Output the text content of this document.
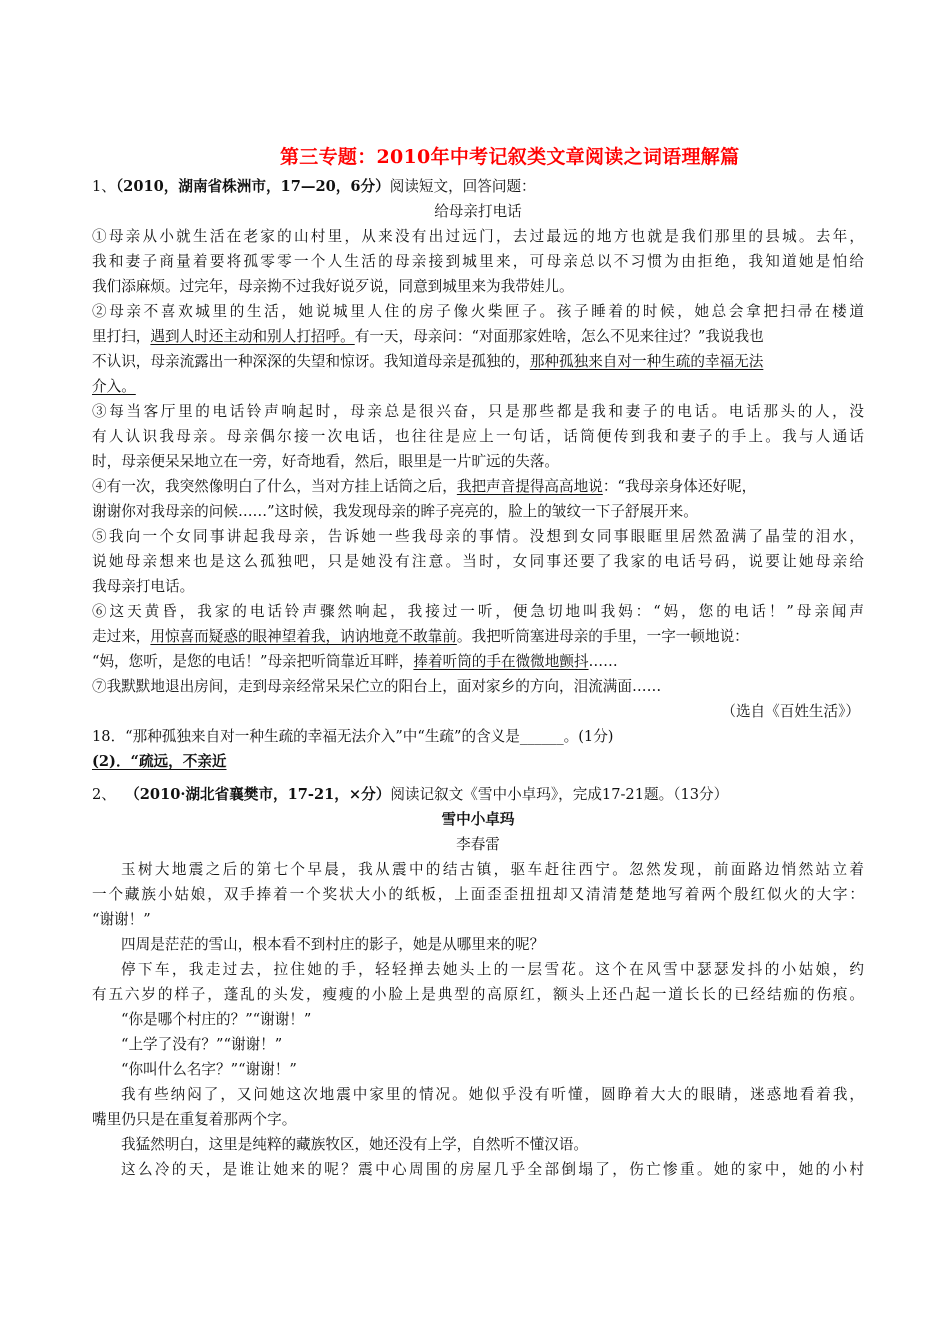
第三专题：2010年中考记叙类文章阅读之词语理解篇
1、（2010，湖南省株洲市，17—20，6分）阅读短文，回答问题：
给母亲打电话
①母亲从小就生活在老家的山村里，从来没有出过远门，去过最远的地方也就是我们那里的县城。去年，
我和妻子商量着要将孤零零一个人生活的母亲接到城里来，可母亲总以不习惯为由拒绝，我知道她是怕给
我们添麻烦。过完年，母亲拗不过我好说歹说，同意到城里来为我带娃儿。
②母亲不喜欢城里的生活，她说城里人住的房子像火柴匣子。孩子睡着的时候，她总会拿把扫帚在楼道
里打扫，遇到人时还主动和别人打招呼。有一天，母亲问：“对面那家姓啥，怎么不见来往过？”我说我也
不认识，母亲流露出一种深深的失望和惊讶。我知道母亲是孤独的，那种孤独来自对一种生疏的幸福无法
介入。
③每当客厅里的电话铃声响起时，母亲总是很兴奋，只是那些都是我和妻子的电话。电话那头的人，没
有人认识我母亲。母亲偶尔接一次电话，也往往是应上一句话，话筒便传到我和妻子的手上。我与人通话
时，母亲便呆呆地立在一旁，好奇地看，然后，眼里是一片旷远的失落。
④有一次，我突然像明白了什么，当对方挂上话筒之后，我把声音提得高高地说：“我母亲身体还好呢，
谢谢你对我母亲的问候……”这时候，我发现母亲的眸子亮亮的，脸上的皱纹一下子舒展开来。
⑤我向一个女同事讲起我母亲，告诉她一些我母亲的事情。没想到女同事眼眶里居然盈满了晶莹的泪水，
说她母亲想来也是这么孤独吧，只是她没有注意。当时，女同事还要了我家的电话号码，说要让她母亲给
我母亲打电话。
⑥这天黄昏，我家的电话铃声骤然响起，我接过一听，便急切地叫我妈：“妈，您的电话！”母亲闻声
走过来，用惊喜而疑惑的眼神望着我，讷讷地竟不敢靠前。我把听筒塞进母亲的手里，一字一顿地说：
“妈，您听，是您的电话！”母亲把听筒靠近耳畔，捧着听筒的手在微微地颤抖……
⑦我默默地退出房间，走到母亲经常呆呆伫立的阳台上，面对家乡的方向，泪流满面……
（选自《百姓生活》）
18．“那种孤独来自对一种生疏的幸福无法介入”中“生疏”的含义是______。(1分)
(2)．“疏远，不亲近
2、 （2010·湖北省襄樊市，17-21，×分）阅读记叙文《雪中小卓玛》，完成17-21题。（13分）
雪中小卓玛
李春雷
玉树大地震之后的第七个早晨，我从震中的结古镇，驱车赶往西宁。忽然发现，前面路边悄然站立着
一个藏族小姑娘，双手捧着一个奖状大小的纸板，上面歪歪扭扭却又清清楚楚地写着两个殷红似火的大字：
“谢谢！”
四周是茫茫的雪山，根本看不到村庄的影子，她是从哪里来的呢？
停下车，我走过去，拉住她的手，轻轻掸去她头上的一层雪花。这个在风雪中瑟瑟发抖的小姑娘，约
有五六岁的样子，蓬乱的头发，瘦瘦的小脸上是典型的高原红，额头上还凸起一道长长的已经结痂的伤痕。
“你是哪个村庄的？”“谢谢！”
“上学了没有？”“谢谢！”
“你叫什么名字？”“谢谢！”
我有些纳闷了，又问她这次地震中家里的情况。她似乎没有听懂，圆睁着大大的眼睛，迷惑地看着我，
嘴里仍只是在重复着那两个字。
我猛然明白，这里是纯粹的藏族牧区，她还没有上学，自然听不懂汉语。
这么冷的天，是谁让她来的呢？震中心周围的房屋几乎全部倒塌了，伤亡惨重。她的家中，她的小村
